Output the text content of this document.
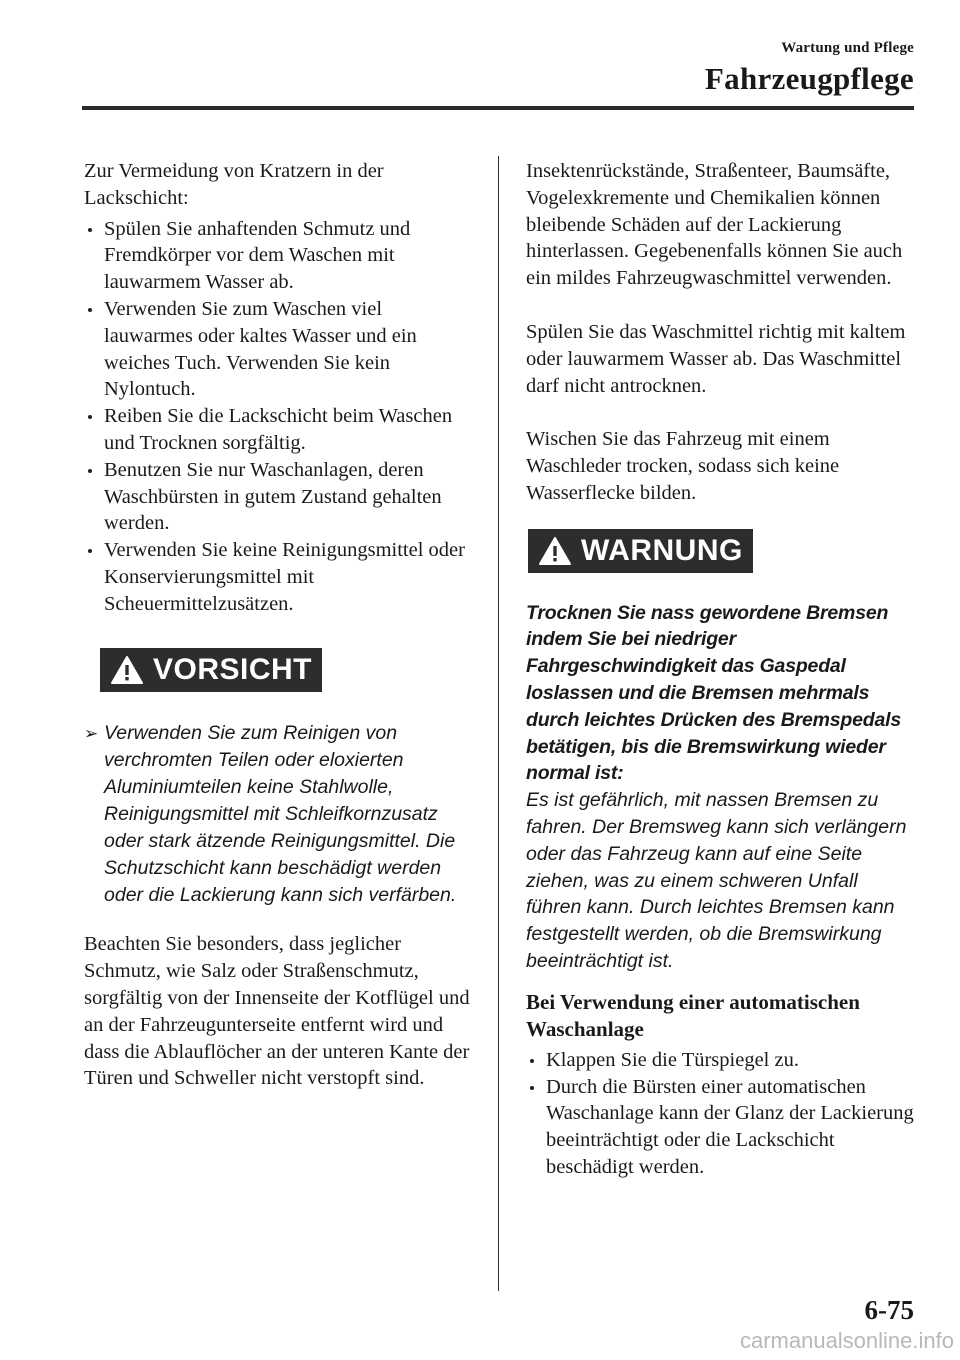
Wartung und Pflege
Fahrzeugpflege

Zur Vermeidung von Kratzern in der Lackschicht:

Spülen Sie anhaftenden Schmutz und Fremdkörper vor dem Waschen mit lauwarmem Wasser ab.
Verwenden Sie zum Waschen viel lauwarmes oder kaltes Wasser und ein weiches Tuch. Verwenden Sie kein Nylontuch.
Reiben Sie die Lackschicht beim Waschen und Trocknen sorgfältig.
Benutzen Sie nur Waschanlagen, deren Waschbürsten in gutem Zustand gehalten werden.
Verwenden Sie keine Reinigungsmittel oder Konservierungsmittel mit Scheuermittelzusätzen.
VORSICHT
➢ Verwenden Sie zum Reinigen von verchromten Teilen oder eloxierten Aluminiumteilen keine Stahlwolle, Reinigungsmittel mit Schleifkornzusatz oder stark ätzende Reinigungsmittel. Die Schutzschicht kann beschädigt werden oder die Lackierung kann sich verfärben.

Beachten Sie besonders, dass jeglicher Schmutz, wie Salz oder Straßenschmutz, sorgfältig von der Innenseite der Kotflügel und an der Fahrzeugunterseite entfernt wird und dass die Ablauflöcher an der unteren Kante der Türen und Schweller nicht verstopft sind.

Insektenrückstände, Straßenteer, Baumsäfte, Vogelexkremente und Chemikalien können bleibende Schäden auf der Lackierung hinterlassen. Gegebenenfalls können Sie auch ein mildes Fahrzeugwaschmittel verwenden.

Spülen Sie das Waschmittel richtig mit kaltem oder lauwarmem Wasser ab. Das Waschmittel darf nicht antrocknen.

Wischen Sie das Fahrzeug mit einem Waschleder trocken, sodass sich keine Wasserflecke bilden.

WARNUNG

Trocknen Sie nass gewordene Bremsen indem Sie bei niedriger Fahrgeschwindigkeit das Gaspedal loslassen und die Bremsen mehrmals durch leichtes Drücken des Bremspedals betätigen, bis die Bremswirkung wieder normal ist:

Es ist gefährlich, mit nassen Bremsen zu fahren. Der Bremsweg kann sich verlängern oder das Fahrzeug kann auf eine Seite ziehen, was zu einem schweren Unfall führen kann. Durch leichtes Bremsen kann festgestellt werden, ob die Bremswirkung beeinträchtigt ist.

Bei Verwendung einer automatischen Waschanlage

Klappen Sie die Türspiegel zu.
Durch die Bürsten einer automatischen Waschanlage kann der Glanz der Lackierung beeinträchtigt oder die Lackschicht beschädigt werden.
6-75
carmanualsonline.info
